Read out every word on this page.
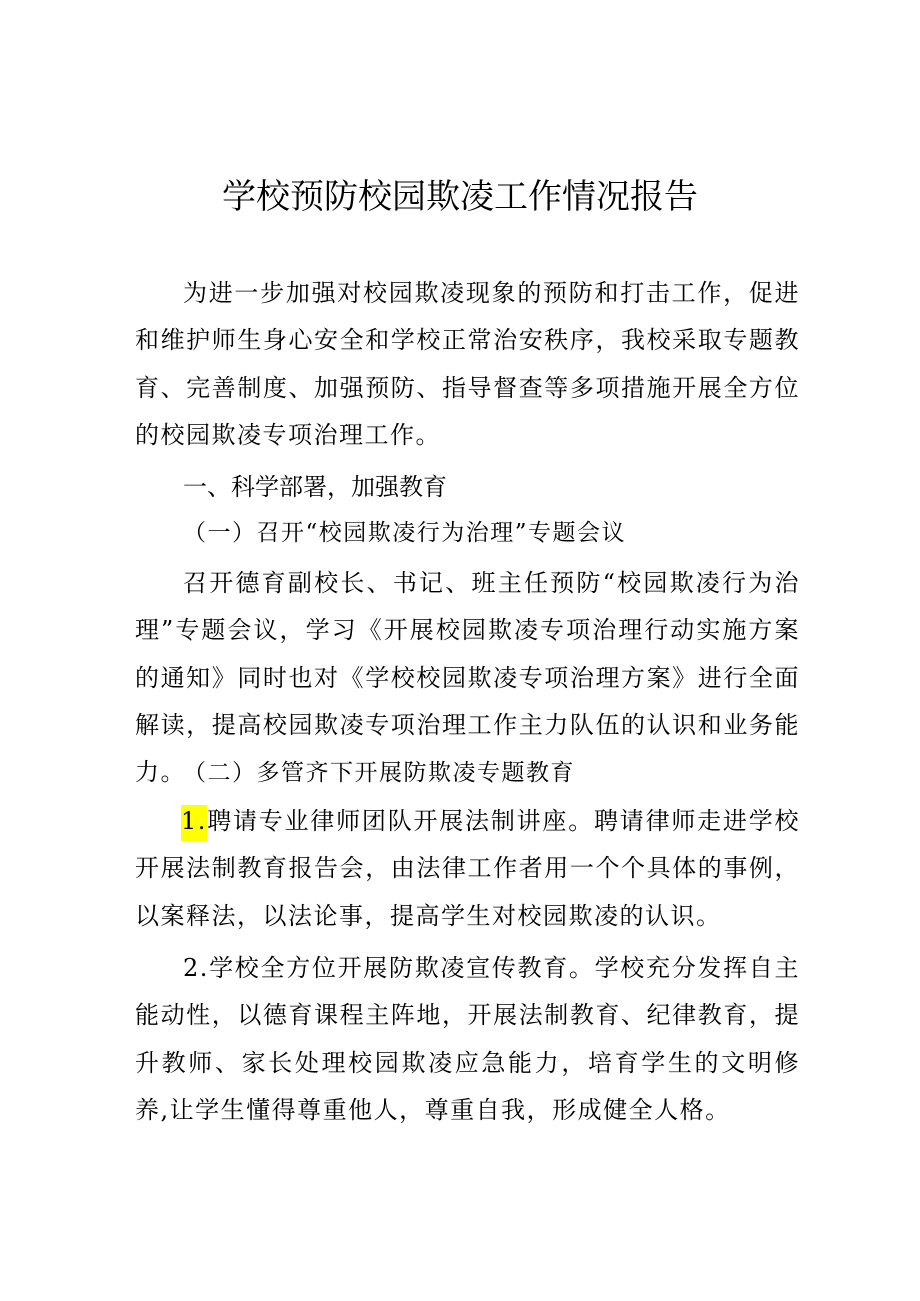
学校预防校园欺凌工作情况报告

为进一步加强对校园欺凌现象的预防和打击工作，促进和维护师生身心安全和学校正常治安秩序，我校采取专题教育、完善制度、加强预防、指导督查等多项措施开展全方位的校园欺凌专项治理工作。

一、科学部署，加强教育
（一）召开“校园欺凌行为治理”专题会议

召开德育副校长、书记、班主任预防“校园欺凌行为治理”专题会议，学习《开展校园欺凌专项治理行动实施方案的通知》同时也对《学校校园欺凌专项治理方案》进行全面解读，提高校园欺凌专项治理工作主力队伍的认识和业务能力。

（二）多管齐下开展防欺凌专题教育

1.聘请专业律师团队开展法制讲座。聘请律师走进学校开展法制教育报告会，由法律工作者用一个个具体的事例，以案释法，以法论事，提高学生对校园欺凌的认识。

2.学校全方位开展防欺凌宣传教育。学校充分发挥自主能动性，以德育课程主阵地，开展法制教育、纪律教育，提升教师、家长处理校园欺凌应急能力，培育学生的文明修养,让学生懂得尊重他人，尊重自我，形成健全人格。
